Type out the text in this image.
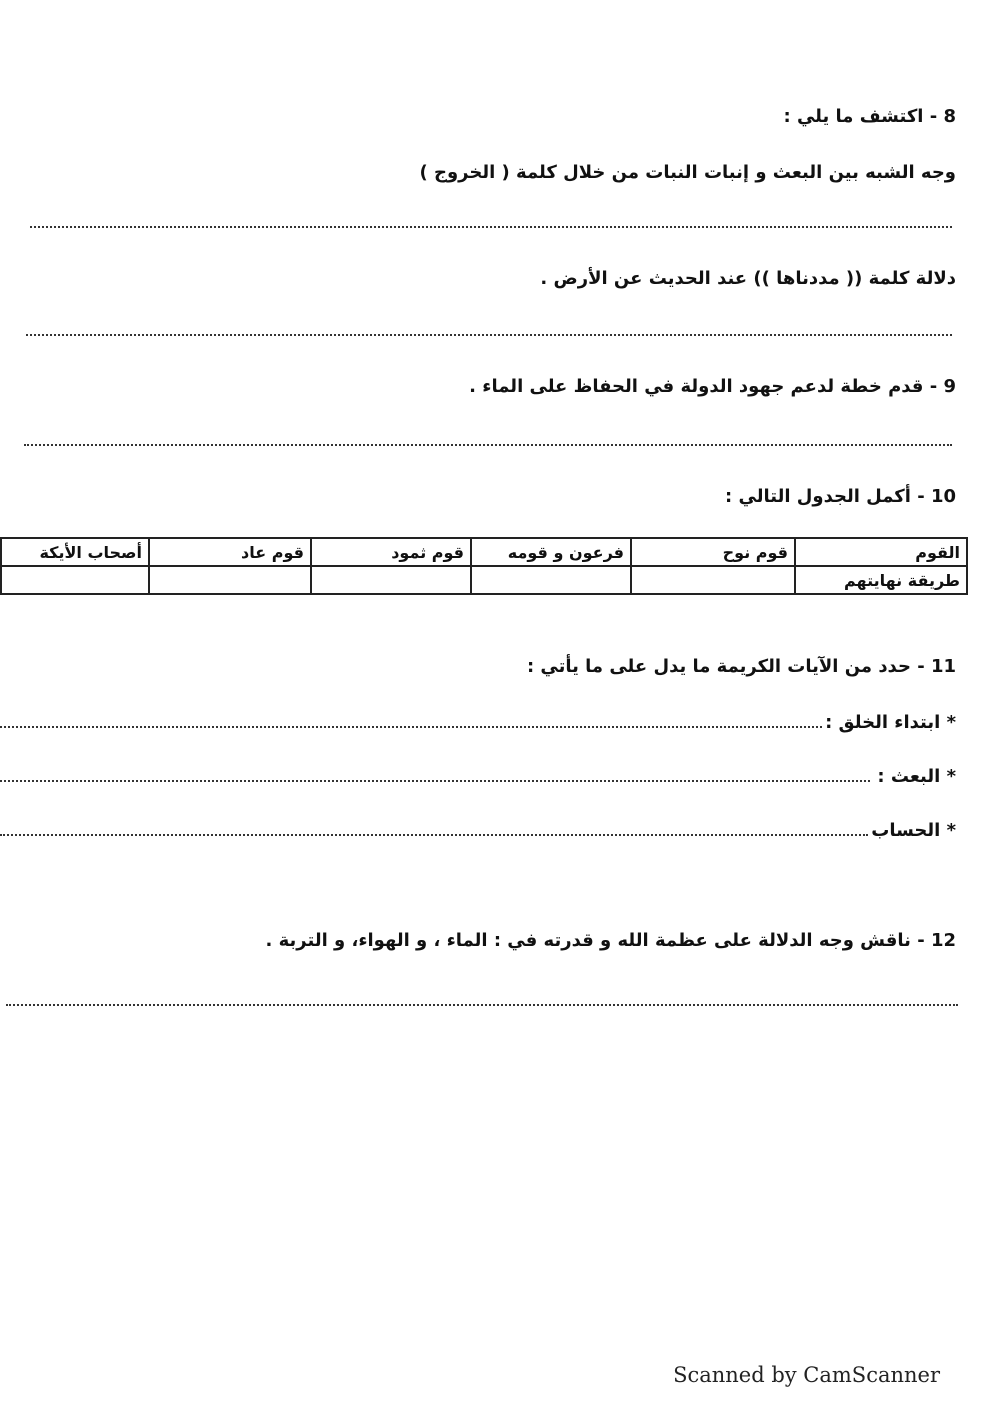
8 - اكتشف ما يلي :
وجه الشبه بين البعث و إنبات النبات من خلال كلمة ( الخروج )
دلالة كلمة (( مددناها )) عند الحديث عن الأرض .
9 - قدم خطة لدعم جهود الدولة في الحفاظ على الماء .
10 - أكمل الجدول التالي :
القوم	قوم نوح	فرعون و قومه	قوم ثمود	قوم عاد	أصحاب الأيكة
طريقة نهايتهم					
11 - حدد من الآيات الكريمة ما يدل على ما يأتي :
* ابتداء الخلق :
* البعث :
* الحساب
12 - ناقش وجه الدلالة على عظمة الله و قدرته في : الماء ، و الهواء، و التربة .
Scanned by CamScanner
